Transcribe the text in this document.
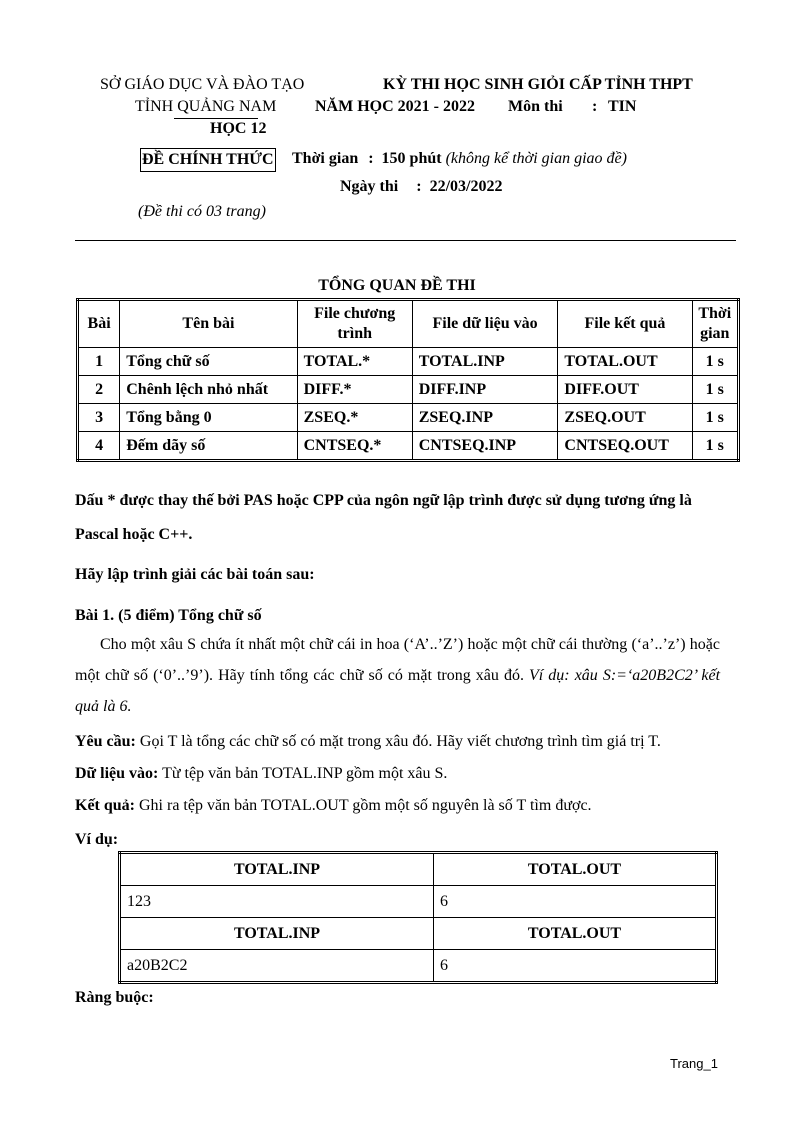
SỞ GIÁO DỤC VÀ ĐÀO TẠO	KỲ THI HỌC SINH GIỎI CẤP TỈNH THPT
TỈNH QUẢNG NAM NĂM HỌC 2021 - 2022 Môn thi : TIN
HỌC 12
ĐỀ CHÍNH THỨC Thời gian : 150 phút (không kể thời gian giao đề)
Ngày thi : 22/03/2022
(Đề thi có 03 trang)
TỔNG QUAN ĐỀ THI
Bài	Tên bài	File chương trình	File dữ liệu vào	File kết quả	Thời gian
1	Tổng chữ số	TOTAL.*	TOTAL.INP	TOTAL.OUT	1 s
2	Chênh lệch nhỏ nhất	DIFF.*	DIFF.INP	DIFF.OUT	1 s
3	Tổng bằng 0	ZSEQ.*	ZSEQ.INP	ZSEQ.OUT	1 s
4	Đếm dãy số	CNTSEQ.*	CNTSEQ.INP	CNTSEQ.OUT	1 s
Dấu * được thay thế bởi PAS hoặc CPP của ngôn ngữ lập trình được sử dụng tương ứng là Pascal hoặc C++.
Hãy lập trình giải các bài toán sau:
Bài 1. (5 điểm) Tổng chữ số
Cho một xâu S chứa ít nhất một chữ cái in hoa (‘A’..’Z’) hoặc một chữ cái thường (‘a’..’z’) hoặc một chữ số (‘0’..’9’). Hãy tính tổng các chữ số có mặt trong xâu đó. Ví dụ: xâu S:=‘a20B2C2’ kết quả là 6.
Yêu cầu: Gọi T là tổng các chữ số có mặt trong xâu đó. Hãy viết chương trình tìm giá trị T.
Dữ liệu vào: Từ tệp văn bản TOTAL.INP gồm một xâu S.
Kết quả: Ghi ra tệp văn bản TOTAL.OUT gồm một số nguyên là số T tìm được.
Ví dụ:
TOTAL.INP	TOTAL.OUT
123	6
TOTAL.INP	TOTAL.OUT
a20B2C2	6
Ràng buộc:
Trang_1
